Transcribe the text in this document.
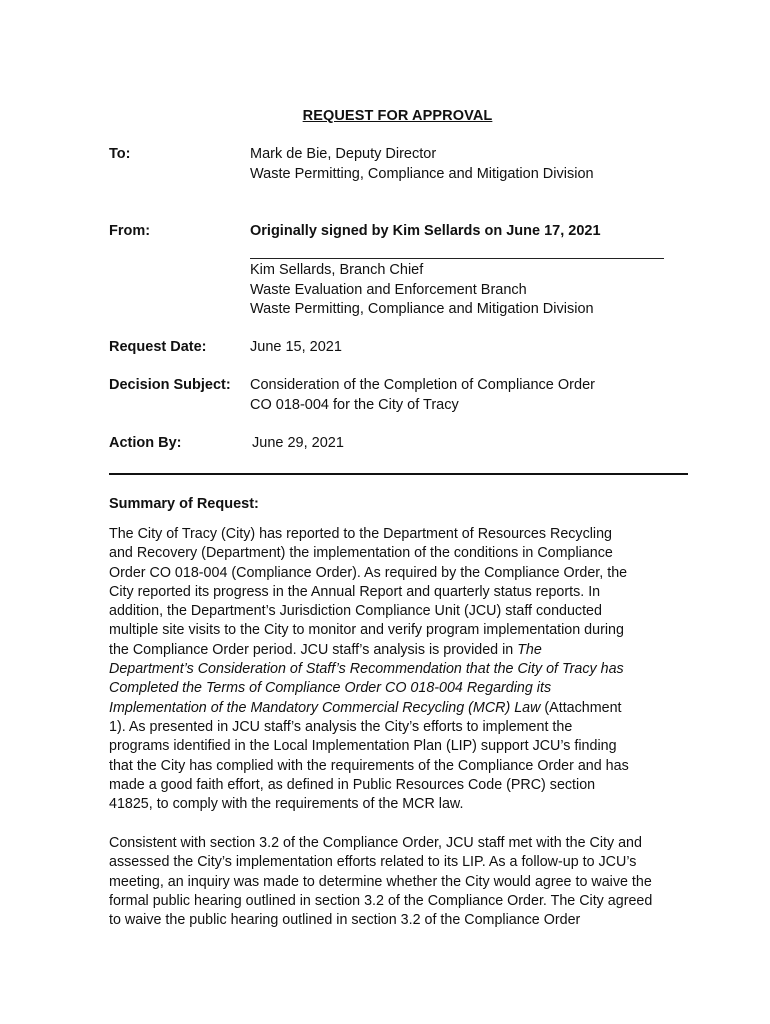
REQUEST FOR APPROVAL
To:	Mark de Bie, Deputy Director
Waste Permitting, Compliance and Mitigation Division
From:	Originally signed by Kim Sellards on June 17, 2021
Kim Sellards, Branch Chief
Waste Evaluation and Enforcement Branch
Waste Permitting, Compliance and Mitigation Division
Request Date:	June 15, 2021
Decision Subject: Consideration of the Completion of Compliance Order
CO 018-004 for the City of Tracy
Action By:	June 29, 2021
Summary of Request:
The City of Tracy (City) has reported to the Department of Resources Recycling
and Recovery (Department) the implementation of the conditions in Compliance
Order CO 018-004 (Compliance Order). As required by the Compliance Order, the
City reported its progress in the Annual Report and quarterly status reports. In
addition, the Department’s Jurisdiction Compliance Unit (JCU) staff conducted
multiple site visits to the City to monitor and verify program implementation during
the Compliance Order period. JCU staff’s analysis is provided in The
Department’s Consideration of Staff’s Recommendation that the City of Tracy has
Completed the Terms of Compliance Order CO 018-004 Regarding its
Implementation of the Mandatory Commercial Recycling (MCR) Law (Attachment
1). As presented in JCU staff’s analysis the City’s efforts to implement the
programs identified in the Local Implementation Plan (LIP) support JCU’s finding
that the City has complied with the requirements of the Compliance Order and has
made a good faith effort, as defined in Public Resources Code (PRC) section
41825, to comply with the requirements of the MCR law.
Consistent with section 3.2 of the Compliance Order, JCU staff met with the City and
assessed the City’s implementation efforts related to its LIP. As a follow-up to JCU’s
meeting, an inquiry was made to determine whether the City would agree to waive the
formal public hearing outlined in section 3.2 of the Compliance Order. The City agreed
to waive the public hearing outlined in section 3.2 of the Compliance Order
